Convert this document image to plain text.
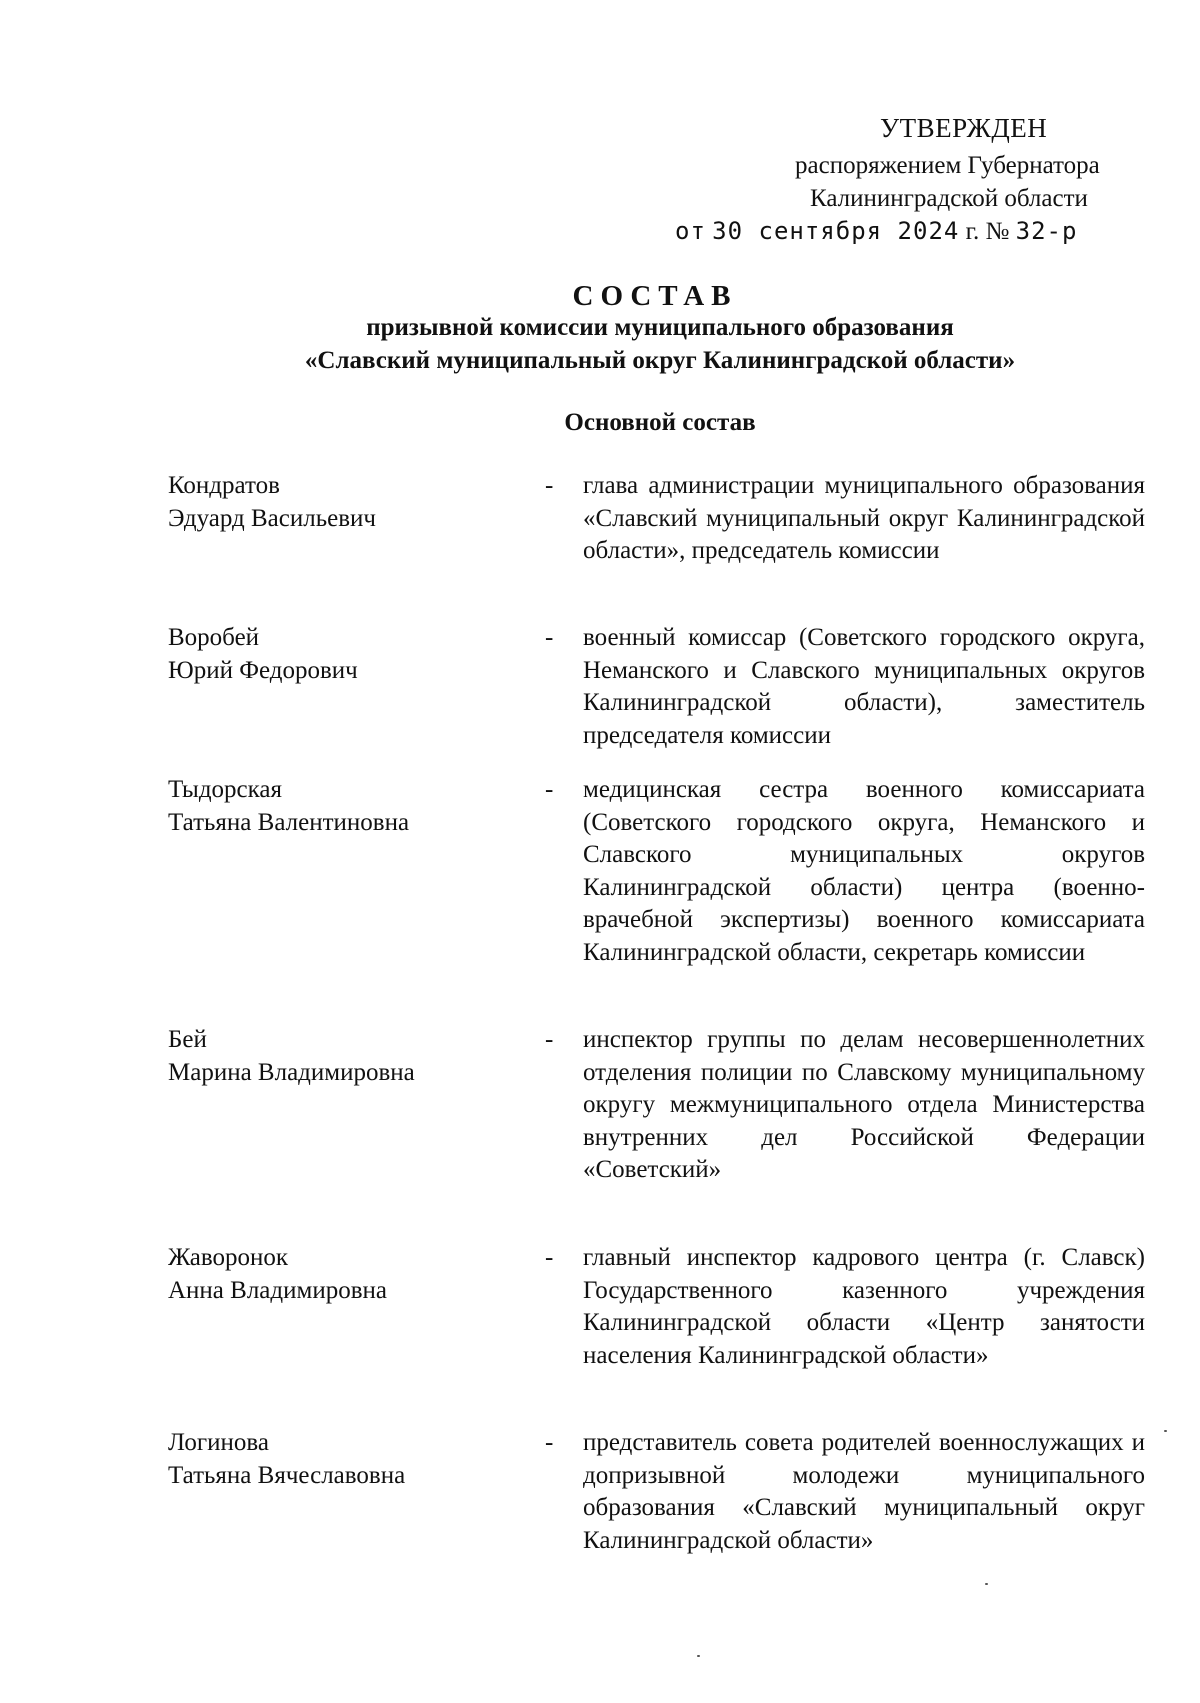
УТВЕРЖДЕН
распоряжением Губернатора
Калининградской области
от 30 сентября 2024 г. № 32-р
СОСТАВ
призывной комиссии муниципального образования
«Славский муниципальный округ Калининградской области»
Основной состав
Кондратов
Эдуард Васильевич
- глава администрации муниципального образования «Славский муниципальный округ Калининградской области», председатель комиссии
Воробей
Юрий Федорович
- военный комиссар (Советского городского округа, Неманского и Славского муниципальных округов Калининградской области), заместитель председателя комиссии
Тыдорская
Татьяна Валентиновна
- медицинская сестра военного комиссариата (Советского городского округа, Неманского и Славского муниципальных округов Калининградской области) центра (военно-врачебной экспертизы) военного комиссариата Калининградской области, секретарь комиссии
Бей
Марина Владимировна
- инспектор группы по делам несовершеннолетних отделения полиции по Славскому муниципальному округу межмуниципального отдела Министерства внутренних дел Российской Федерации «Советский»
Жаворонок
Анна Владимировна
- главный инспектор кадрового центра (г. Славск) Государственного казенного учреждения Калининградской области «Центр занятости населения Калининградской области»
Логинова
Татьяна Вячеславовна
- представитель совета родителей военнослужащих и допризывной молодежи муниципального образования «Славский муниципальный округ Калининградской области»
